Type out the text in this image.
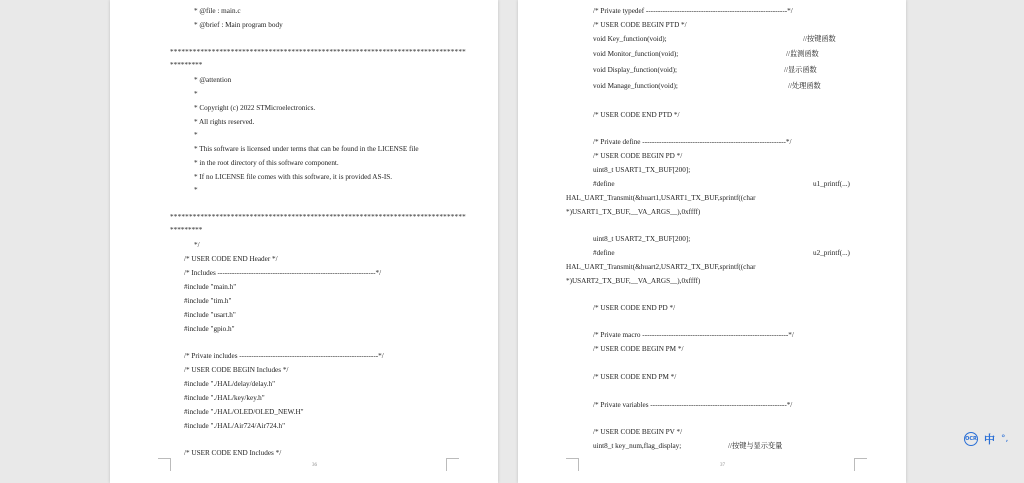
* @file : main.c
* @brief : Main program body
******************************************************************************
*********
* @attention
*
* Copyright (c) 2022 STMicroelectronics.
* All rights reserved.
*
* This software is licensed under terms that can be found in the LICENSE file
* in the root directory of this software component.
* If no LICENSE file comes with this software, it is provided AS-IS.
*
******************************************************************************
*********
*/
/* USER CODE END Header */
/* Includes ------------------------------------------------------------------*/
#include "main.h"
#include "tim.h"
#include "usart.h"
#include "gpio.h"
/* Private includes ----------------------------------------------------------*/
/* USER CODE BEGIN Includes */
#include "./HAL/delay/delay.h"
#include "./HAL/key/key.h"
#include "./HAL/OLED/OLED_NEW.H"
#include "./HAL/Air724/Air724.h"
/* USER CODE END Includes */
36
/* Private typedef -----------------------------------------------------------*/
/* USER CODE BEGIN PTD */
void Key_function(void);	//按键函数
void Monitor_function(void);	//监测函数
void Display_function(void);	//显示函数
void Manage_function(void);	//处理函数
/* USER CODE END PTD */
/* Private define ------------------------------------------------------------*/
/* USER CODE BEGIN PD */
uint8_t USART1_TX_BUF[200];
#define	u1_printf(...)
HAL_UART_Transmit(&huart1,USART1_TX_BUF,sprintf((char
*)USART1_TX_BUF,__VA_ARGS__),0xffff)
uint8_t USART2_TX_BUF[200];
#define	u2_printf(...)
HAL_UART_Transmit(&huart2,USART2_TX_BUF,sprintf((char
*)USART2_TX_BUF,__VA_ARGS__),0xffff)
/* USER CODE END PD */
/* Private macro -------------------------------------------------------------*/
/* USER CODE BEGIN PM */
/* USER CODE END PM */
/* Private variables ---------------------------------------------------------*/
/* USER CODE BEGIN PV */
uint8_t key_num,flag_display;	//按键与显示变量
37
OCR 中 °,
